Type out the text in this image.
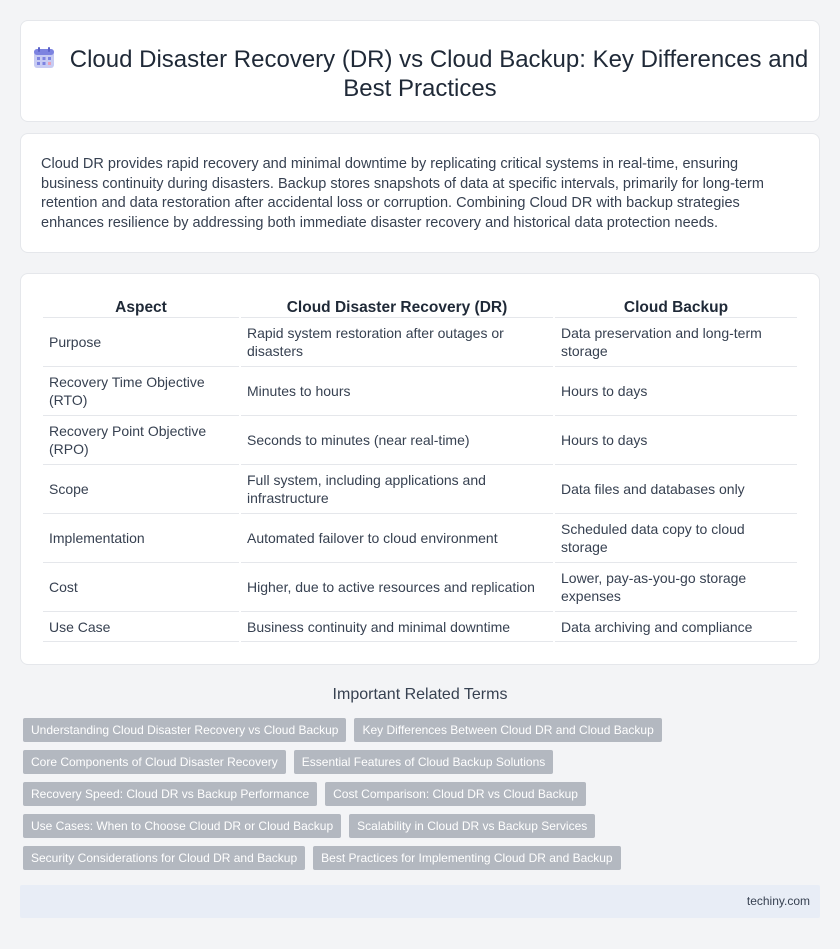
Cloud Disaster Recovery (DR) vs Cloud Backup: Key Differences and Best Practices

Cloud DR provides rapid recovery and minimal downtime by replicating critical systems in real-time, ensuring business continuity during disasters. Backup stores snapshots of data at specific intervals, primarily for long-term retention and data restoration after accidental loss or corruption. Combining Cloud DR with backup strategies enhances resilience by addressing both immediate disaster recovery and historical data protection needs.

Aspect	Cloud Disaster Recovery (DR)	Cloud Backup
Purpose	Rapid system restoration after outages or disasters	Data preservation and long-term storage
Recovery Time Objective (RTO)	Minutes to hours	Hours to days
Recovery Point Objective (RPO)	Seconds to minutes (near real-time)	Hours to days
Scope	Full system, including applications and infrastructure	Data files and databases only
Implementation	Automated failover to cloud environment	Scheduled data copy to cloud storage
Cost	Higher, due to active resources and replication	Lower, pay-as-you-go storage expenses
Use Case	Business continuity and minimal downtime	Data archiving and compliance
Important Related Terms
Understanding Cloud Disaster Recovery vs Cloud Backup	Key Differences Between Cloud DR and Cloud Backup
Core Components of Cloud Disaster Recovery	Essential Features of Cloud Backup Solutions
Recovery Speed: Cloud DR vs Backup Performance	Cost Comparison: Cloud DR vs Cloud Backup
Use Cases: When to Choose Cloud DR or Cloud Backup	Scalability in Cloud DR vs Backup Services
Security Considerations for Cloud DR and Backup	Best Practices for Implementing Cloud DR and Backup
techiny.com
